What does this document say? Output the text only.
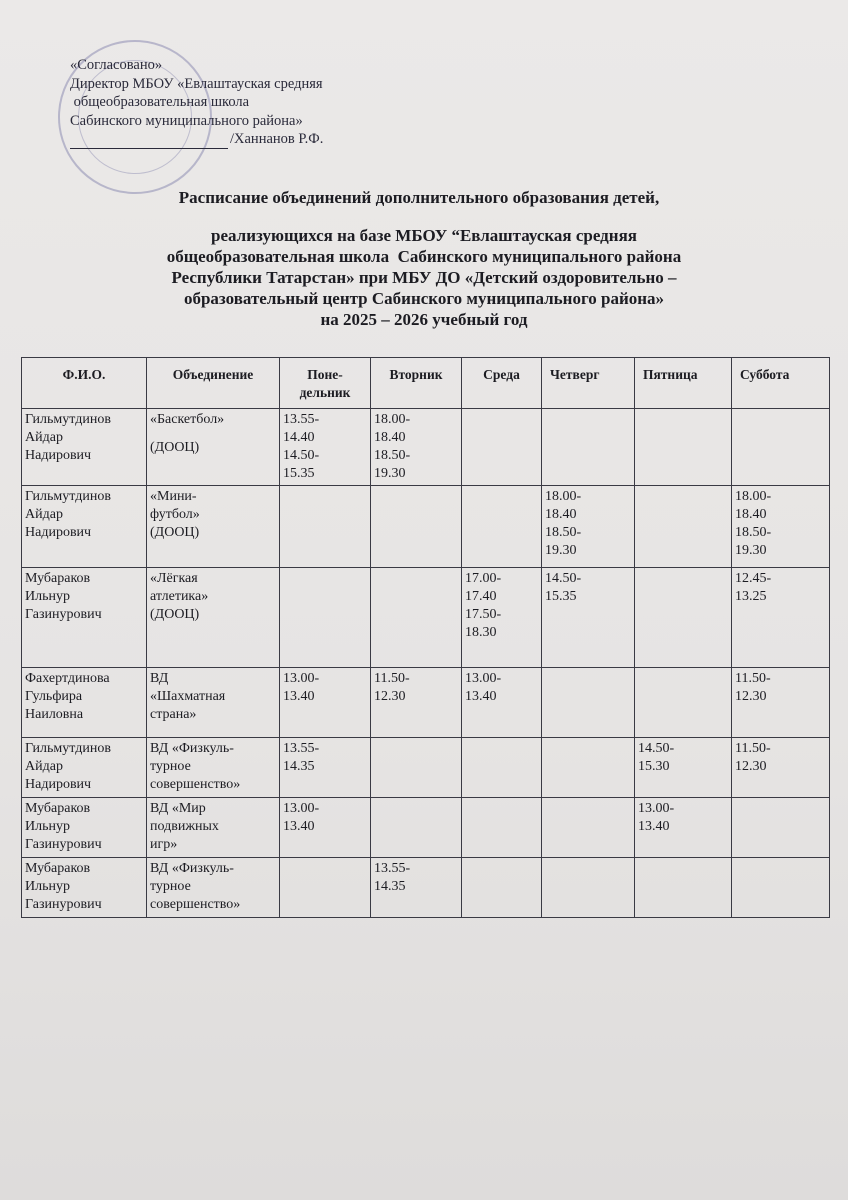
«Согласовано»
Директор МБОУ «Евлаштауская средняя
общеобразовательная школа
Сабинского муниципального района»
/Ханнанов Р.Ф.
Расписание объединений дополнительного образования детей,
реализующихся на базе МБОУ “Евлаштауская средняя
общеобразовательная школа  Сабинского муниципального района
Республики Татарстан» при МБУ ДО «Детский оздоровительно –
образовательный центр Сабинского муниципального района»
на 2025 – 2026 учебный год
Ф.И.О.	Объединение	Поне-
дельник	Вторник	Среда	Четверг	Пятница	Суббота

Гильмутдинов
Айдар
Надирович	«Баскетбол»
(ДООЦ)	13.55-
14.40
14.50-
15.35	18.00-
18.40
18.50-
19.30				

Гильмутдинов
Айдар
Надирович	«Мини-
футбол»
(ДООЦ)				18.00-
18.40
18.50-
19.30		18.00-
18.40
18.50-
19.30

Мубараков
Ильнур
Газинурович	«Лёгкая
атлетика»
(ДООЦ)			17.00-
17.40
17.50-
18.30	14.50-
15.35		12.45-
13.25

Фахертдинова
Гульфира
Наиловна	ВД
«Шахматная
страна»	13.00-
13.40	11.50-
12.30	13.00-
13.40			11.50-
12.30

Гильмутдинов
Айдар
Надирович	ВД «Физкуль-
турное
совершенство»	13.55-
14.35				14.50-
15.30	11.50-
12.30

Мубараков
Ильнур
Газинурович	ВД «Мир
подвижных
игр»	13.00-
13.40				13.00-
13.40	

Мубараков
Ильнур
Газинурович	ВД «Физкуль-
турное
совершенство»		13.55-
14.35				
